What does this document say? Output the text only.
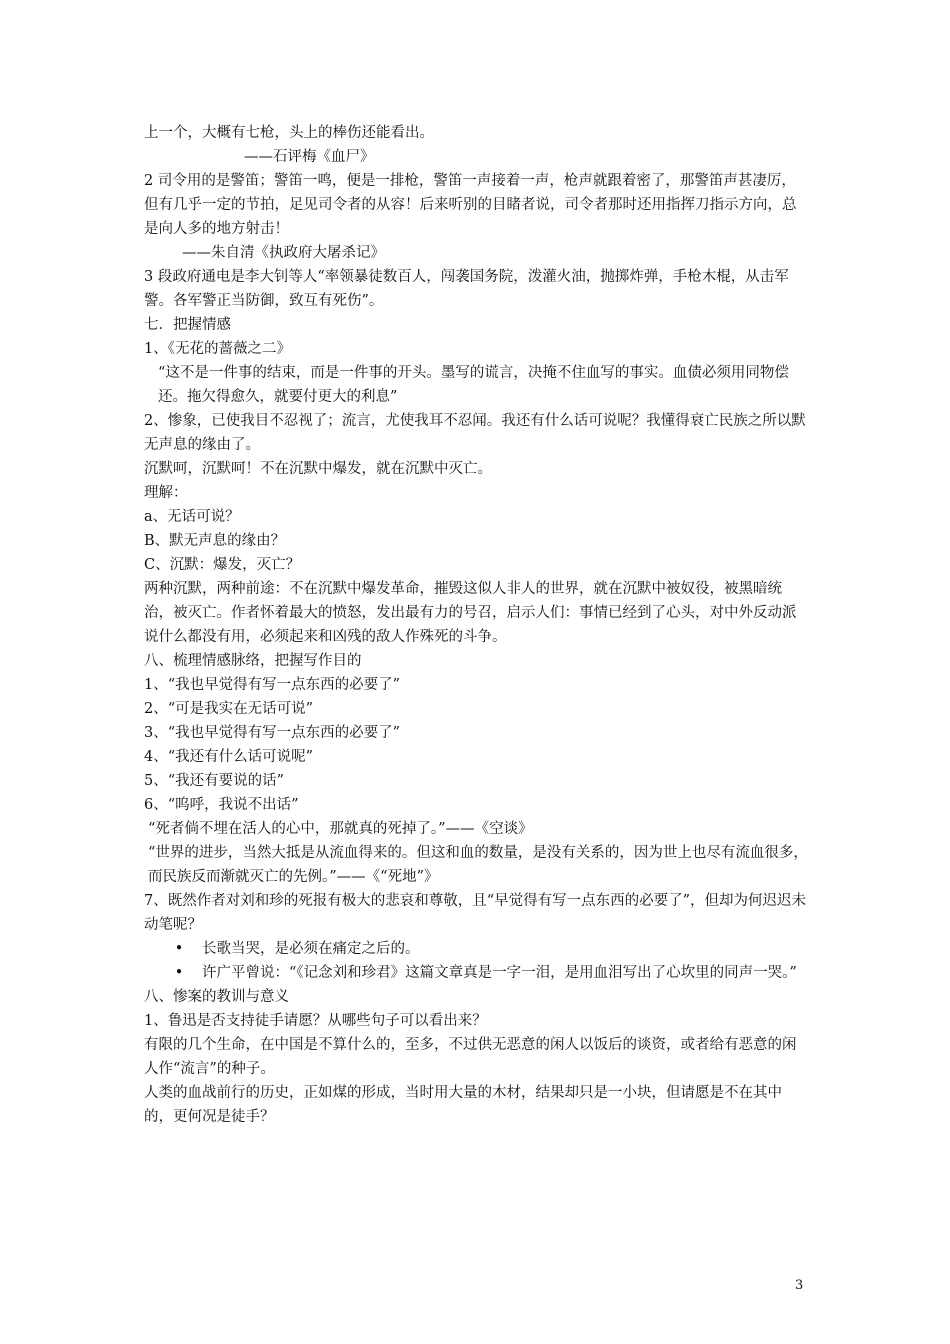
上一个，大概有七枪，头上的棒伤还能看出。

——石评梅《血尸》

2 司令用的是警笛；警笛一鸣，便是一排枪，警笛一声接着一声，枪声就跟着密了，那警笛声甚凄厉，但有几乎一定的节拍，足见司令者的从容！后来听别的目睹者说，司令者那时还用指挥刀指示方向，总是向人多的地方射击！

——朱自清《执政府大屠杀记》

3 段政府通电是李大钊等人“率领暴徒数百人，闯袭国务院，泼灌火油，抛掷炸弹，手枪木棍，从击军警。各军警正当防御，致互有死伤”。

七．把握情感

1、《无花的蔷薇之二》

“这不是一件事的结束，而是一件事的开头。墨写的谎言，决掩不住血写的事实。血债必须用同物偿还。拖欠得愈久，就要付更大的利息”

2、惨象，已使我目不忍视了；流言，尤使我耳不忍闻。我还有什么话可说呢？我懂得衰亡民族之所以默无声息的缘由了。

沉默呵，沉默呵！不在沉默中爆发，就在沉默中灭亡。

理解：

a、无话可说？

B、默无声息的缘由？

C、沉默：爆发，灭亡？

两种沉默，两种前途：不在沉默中爆发革命，摧毁这似人非人的世界，就在沉默中被奴役，被黑暗统治，被灭亡。作者怀着最大的愤怒，发出最有力的号召，启示人们：事情已经到了心头，对中外反动派说什么都没有用，必须起来和凶残的敌人作殊死的斗争。

八、梳理情感脉络，把握写作目的

1、“我也早觉得有写一点东西的必要了”

2、“可是我实在无话可说”

3、“我也早觉得有写一点东西的必要了”

4、“我还有什么话可说呢”

5、“我还有要说的话”

6、“呜呼，我说不出话”

“死者倘不埋在活人的心中，那就真的死掉了。”——《空谈》

“世界的进步，当然大抵是从流血得来的。但这和血的数量，是没有关系的，因为世上也尽有流血很多，而民族反而渐就灭亡的先例。”——《“死地”》

7、既然作者对刘和珍的死报有极大的悲哀和尊敬，且“早觉得有写一点东西的必要了”，但却为何迟迟未动笔呢？

• 长歌当哭，是必须在痛定之后的。
• 许广平曾说：“《记念刘和珍君》这篇文章真是一字一泪，是用血泪写出了心坎里的同声一哭。”

八、惨案的教训与意义

1、鲁迅是否支持徒手请愿？从哪些句子可以看出来？

有限的几个生命，在中国是不算什么的，至多，不过供无恶意的闲人以饭后的谈资，或者给有恶意的闲人作“流言”的种子。

人类的血战前行的历史，正如煤的形成，当时用大量的木材，结果却只是一小块，但请愿是不在其中的，更何况是徒手？

3
